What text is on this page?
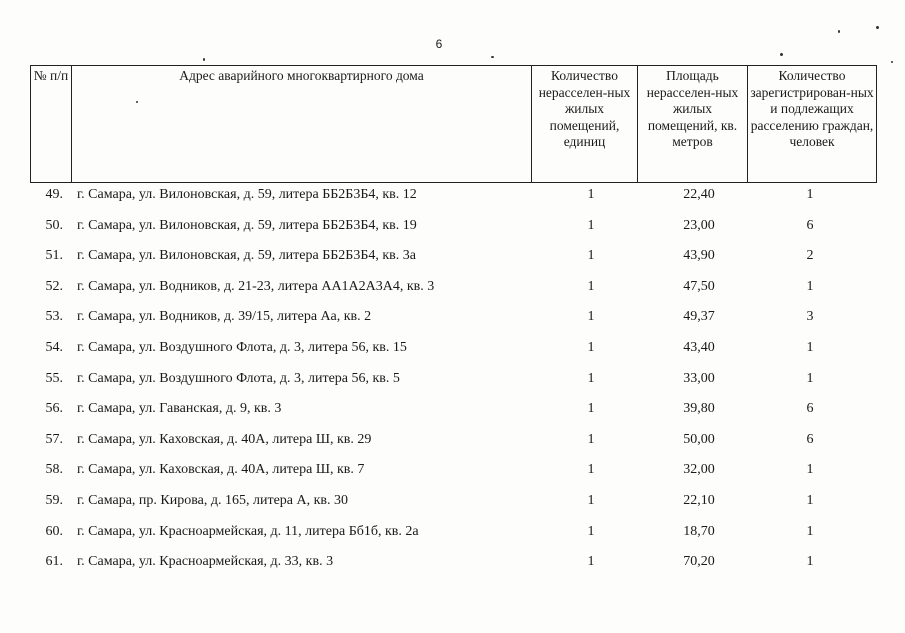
6
№ п/п	Адрес аварийного многоквартирного дома	Количество нерасселен-ных жилых помещений, единиц	Площадь нерасселен-ных жилых помещений, кв. метров	Количество зарегистрирован-ных и подлежащих расселению граждан, человек
49. г. Самара, ул. Вилоновская, д. 59, литера ББ2Б3Б4, кв. 12	1	22,40	1
50. г. Самара, ул. Вилоновская, д. 59, литера ББ2Б3Б4, кв. 19	1	23,00	6
51. г. Самара, ул. Вилоновская, д. 59, литера ББ2Б3Б4, кв. 3а	1	43,90	2
52. г. Самара, ул. Водников, д. 21-23, литера АА1А2А3А4, кв. 3	1	47,50	1
53. г. Самара, ул. Водников, д. 39/15, литера Аа, кв. 2	1	49,37	3
54. г. Самара, ул. Воздушного Флота, д. 3, литера 56, кв. 15	1	43,40	1
55. г. Самара, ул. Воздушного Флота, д. 3, литера 56, кв. 5	1	33,00	1
56. г. Самара, ул. Гаванская, д. 9, кв. 3	1	39,80	6
57. г. Самара, ул. Каховская, д. 40А, литера Ш, кв. 29	1	50,00	6
58. г. Самара, ул. Каховская, д. 40А, литера Ш, кв. 7	1	32,00	1
59. г. Самара, пр. Кирова, д. 165, литера А, кв. 30	1	22,10	1
60. г. Самара, ул. Красноармейская, д. 11, литера Бб1б, кв. 2а	1	18,70	1
61. г. Самара, ул. Красноармейская, д. 33, кв. 3	1	70,20	1
